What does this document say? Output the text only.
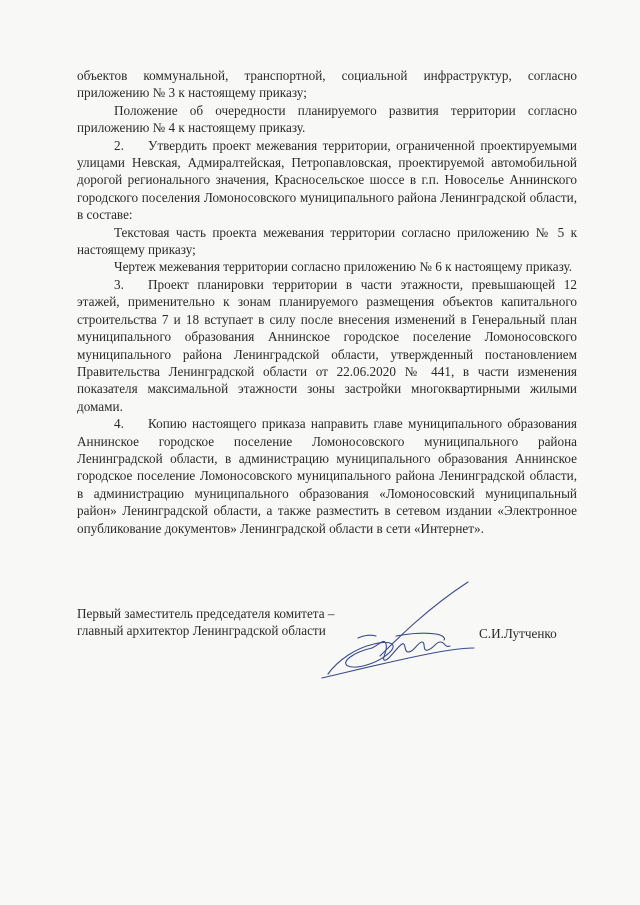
объектов коммунальной, транспортной, социальной инфраструктур, согласно приложению № 3 к настоящему приказу;

Положение об очередности планируемого развития территории согласно приложению № 4 к настоящему приказу.

2. Утвердить проект межевания территории, ограниченной проектируемыми улицами Невская, Адмиралтейская, Петропавловская, проектируемой автомобильной дорогой регионального значения, Красносельское шоссе в г.п. Новоселье Аннинского городского поселения Ломоносовского муниципального района Ленинградской области, в составе:

Текстовая часть проекта межевания территории согласно приложению № 5 к настоящему приказу;

Чертеж межевания территории согласно приложению № 6 к настоящему приказу.

3. Проект планировки территории в части этажности, превышающей 12 этажей, применительно к зонам планируемого размещения объектов капитального строительства 7 и 18 вступает в силу после внесения изменений в Генеральный план муниципального образования Аннинское городское поселение Ломоносовского муниципального района Ленинградской области, утвержденный постановлением Правительства Ленинградской области от 22.06.2020 № 441, в части изменения показателя максимальной этажности зоны застройки многоквартирными жилыми домами.

4. Копию настоящего приказа направить главе муниципального образования Аннинское городское поселение Ломоносовского муниципального района Ленинградской области, в администрацию муниципального образования Аннинское городское поселение Ломоносовского муниципального района Ленинградской области, в администрацию муниципального образования «Ломоносовский муниципальный район» Ленинградской области, а также разместить в сетевом издании «Электронное опубликование документов» Ленинградской области в сети «Интернет».

Первый заместитель председателя комитета –

главный архитектор Ленинградской области	С.И.Лутченко
